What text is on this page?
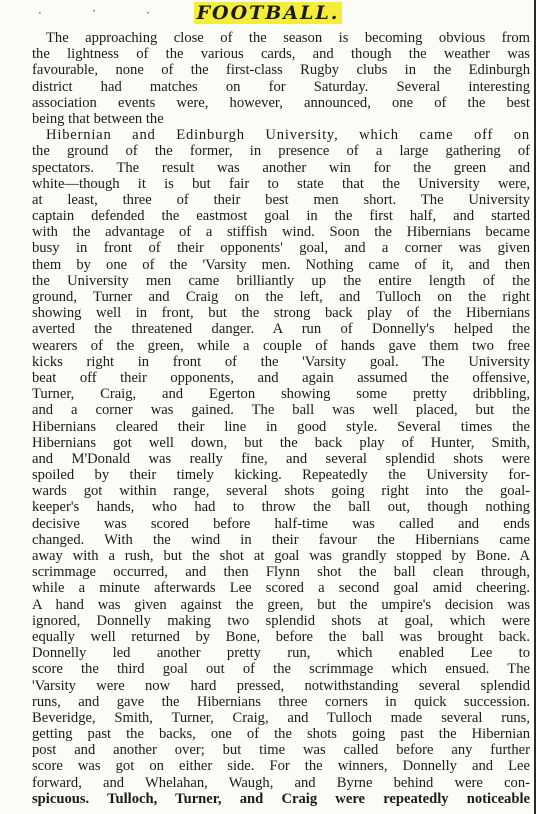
·	·	·	FOOTBALL.
The approaching close of the season is becoming obvious from
the lightness of the various cards, and though the weather was
favourable, none of the first-class Rugby clubs in the Edinburgh
district had matches on for Saturday. Several interesting
association events were, however, announced, one of the best
being that between the
Hibernian and Edinburgh University, which came off on
the ground of the former, in presence of a large gathering of
spectators. The result was another win for the green and
white—though it is but fair to state that the University were,
at least, three of their best men short. The University
captain defended the eastmost goal in the first half, and started
with the advantage of a stiffish wind. Soon the Hibernians became
busy in front of their opponents' goal, and a corner was given
them by one of the 'Varsity men. Nothing came of it, and then
the University men came brilliantly up the entire length of the
ground, Turner and Craig on the left, and Tulloch on the right
showing well in front, but the strong back play of the Hibernians
averted the threatened danger. A run of Donnelly's helped the
wearers of the green, while a couple of hands gave them two free
kicks right in front of the 'Varsity goal. The University
beat off their opponents, and again assumed the offensive,
Turner, Craig, and Egerton showing some pretty dribbling,
and a corner was gained. The ball was well placed, but the
Hibernians cleared their line in good style. Several times the
Hibernians got well down, but the back play of Hunter, Smith,
and M'Donald was really fine, and several splendid shots were
spoiled by their timely kicking. Repeatedly the University for-
wards got within range, several shots going right into the goal-
keeper's hands, who had to throw the ball out, though nothing
decisive was scored before half-time was called and ends
changed. With the wind in their favour the Hibernians came
away with a rush, but the shot at goal was grandly stopped by Bone. A
scrimmage occurred, and then Flynn shot the ball clean through,
while a minute afterwards Lee scored a second goal amid cheering.
A hand was given against the green, but the umpire's decision was
ignored, Donnelly making two splendid shots at goal, which were
equally well returned by Bone, before the ball was brought back.
Donnelly led another pretty run, which enabled Lee to
score the third goal out of the scrimmage which ensued. The
'Varsity were now hard pressed, notwithstanding several splendid
runs, and gave the Hibernians three corners in quick succession.
Beveridge, Smith, Turner, Craig, and Tulloch made several runs,
getting past the backs, one of the shots going past the Hibernian
post and another over; but time was called before any further
score was got on either side. For the winners, Donnelly and Lee
forward, and Whelahan, Waugh, and Byrne behind were con-
spicuous. Tulloch, Turner, and Craig were repeatedly noticeable
